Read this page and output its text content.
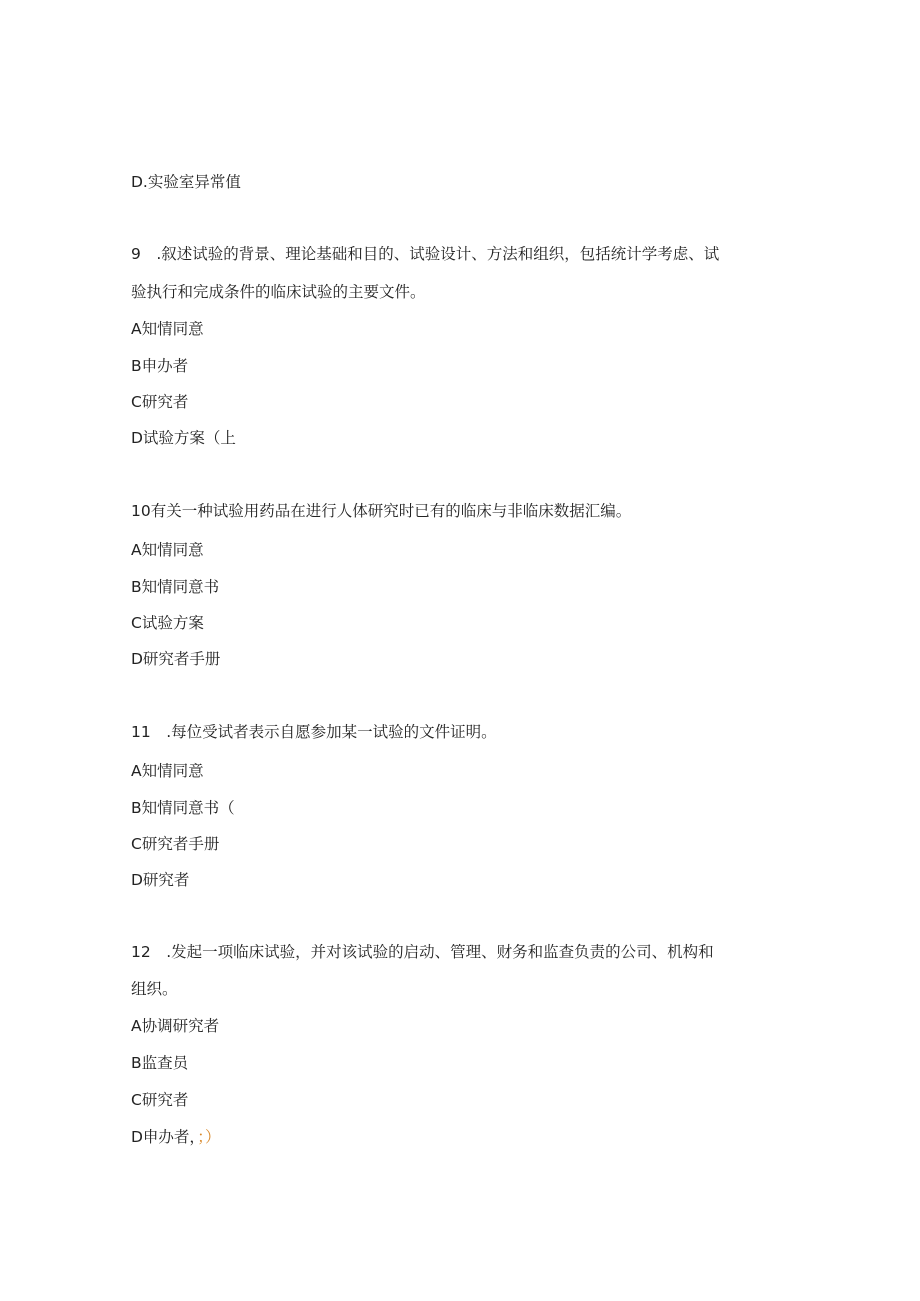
D.实验室异常值
9　.叙述试验的背景、理论基础和目的、试验设计、方法和组织，包括统计学考虑、试
验执行和完成条件的临床试验的主要文件。
A知情同意
B申办者
C研究者
D试验方案（上
10有关一种试验用药品在进行人体研究时已有的临床与非临床数据汇编。
A知情同意
B知情同意书
C试验方案
D研究者手册
11　.每位受试者表示自愿参加某一试验的文件证明。
A知情同意
B知情同意书（
C研究者手册
D研究者
12　.发起一项临床试验，并对该试验的启动、管理、财务和监查负责的公司、机构和
组织。
A协调研究者
B监查员
C研究者
D申办者，；）
